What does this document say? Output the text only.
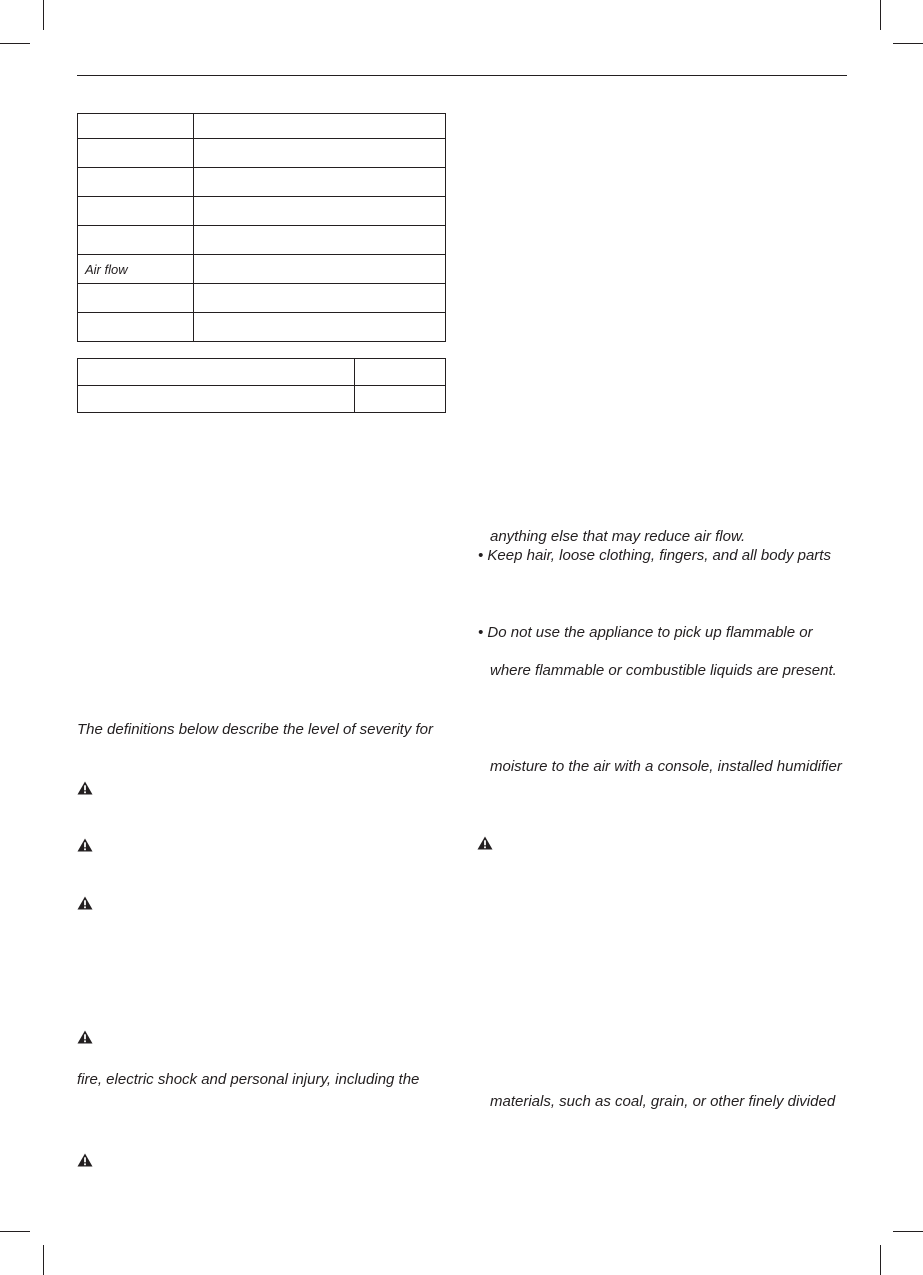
Air flow	

The definitions below describe the level of severity for
fire, electric shock and personal injury, including the
anything else that may reduce air flow.
• Keep hair, loose clothing, fingers, and all body parts
• Do not use the appliance to pick up flammable or
where flammable or combustible liquids are present.
moisture to the air with a console, installed humidifier
materials, such as coal, grain, or other finely divided
